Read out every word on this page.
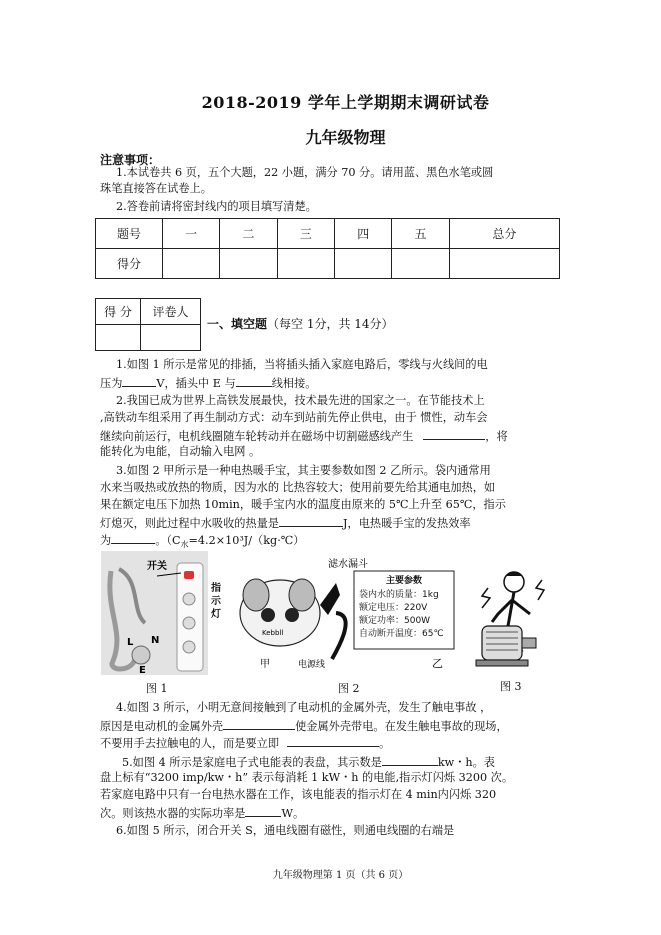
2018-2019 学年上学期期末调研试卷
九年级物理
注意事项：
1.本试卷共 6 页，五个大题，22 小题，满分 70 分。请用蓝、黑色水笔或圆
珠笔直接答在试卷上。
2.答卷前请将密封线内的项目填写清楚。
题号	一	二	三	四	五	总分
得分						
得 分	评卷人

一、填空题（每空 1分，共 14分）
1.如图 1 所示是常见的排插，当将插头插入家庭电路后，零线与火线间的电
压为	V，插头中 E 与	线相接。
2.我国已成为世界上高铁发展最快，技术最先进的国家之一。在节能技术上
,高铁动车组采用了再生制动方式：动车到站前先停止供电，由于 惯性，动车会
继续向前运行，电机线圈随车轮转动并在磁场中切割磁感线产生	，将
能转化为电能，自动输入电网 。
3.如图 2 甲所示是一种电热暖手宝，其主要参数如图 2 乙所示。袋内通常用
水来当吸热或放热的物质，因为水的 比热容较大；使用前要先给其通电加热，如
果在额定电压下加热 10min，暖手宝内水的温度由原来的 5℃上升至 65℃，指示
灯熄灭，则此过程中水吸收的热量是	J，电热暖手宝的发热效率
为	。（$C_水=4.2\times 10^3J/(kg\cdot℃)$
开关
L N
E
指示灯
图 1
Kebbll
滤水漏斗
甲	电源线	乙
主要参数
袋内水的质量：1kg
额定电压：220V
额定功率：500W
自动断开温度：65℃
图 2	图 3
4.如图 3 所示，小明无意间接触到了电动机的金属外壳，发生了触电事故 ，
原因是电动机的金属外壳	使金属外壳带电。在发生触电事故的现场，
不要用手去拉触电的人，而是要立即	。
5.如图 4 所示是家庭电子式电能表的表盘，其示数是	kw・h。表
盘上标有“3200 imp/kw・h” 表示每消耗 1 kW・h 的电能,指示灯闪烁 3200 次。
若家庭电路中只有一台电热水器在工作，该电能表的指示灯在 4 min内闪烁 320
次。则该热水器的实际功率是	W。
6.如图 5 所示，闭合开关 S，通电线圈有磁性，则通电线圈的右端是
九年级物理第 1 页（共 6 页）
